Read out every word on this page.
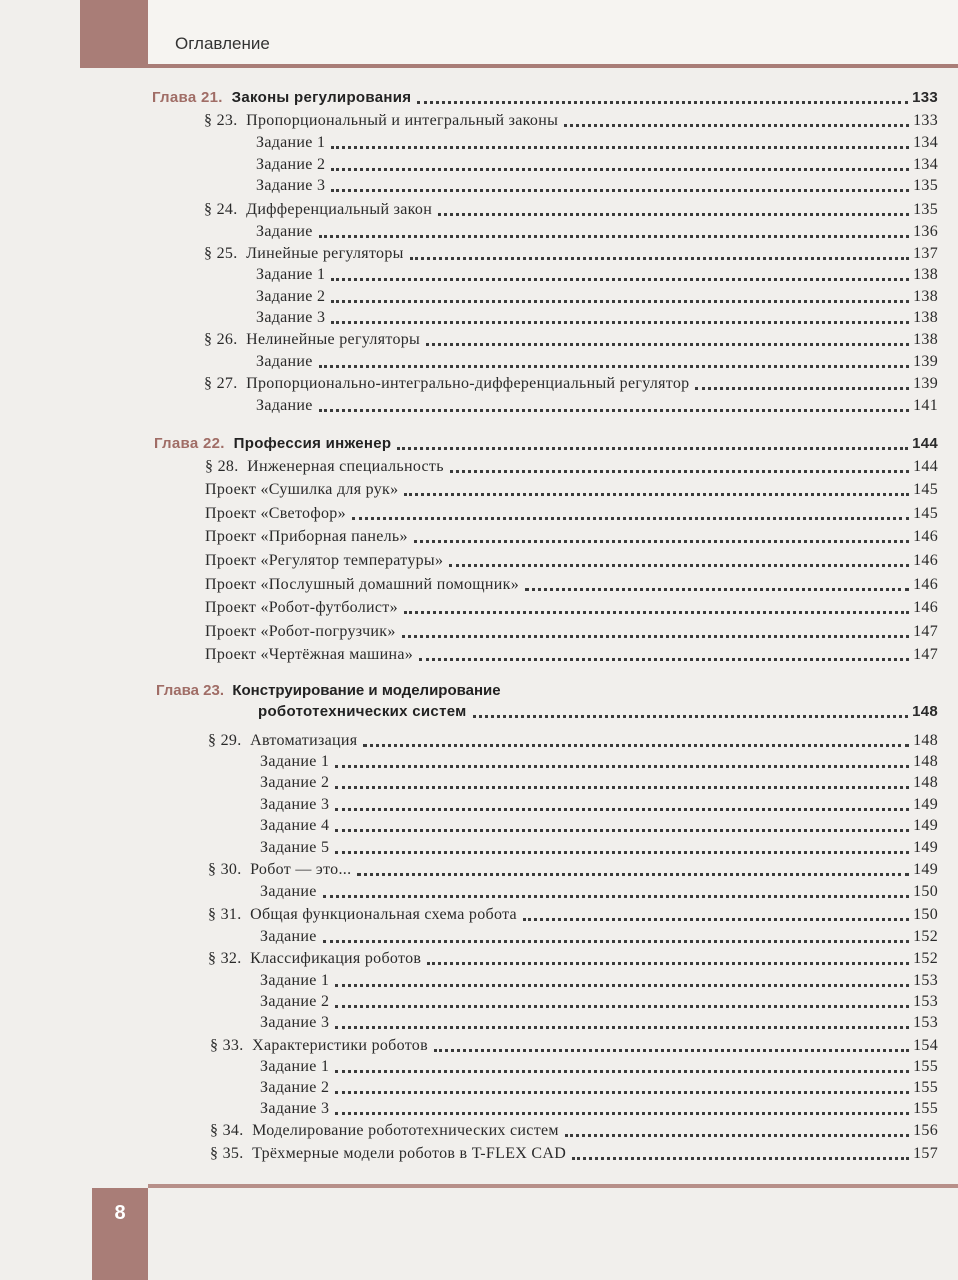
Оглавление
Глава 21. Законы регулирования	133
§ 23. Пропорциональный и интегральный законы	133
Задание 1	134
Задание 2	134
Задание 3	135
§ 24. Дифференциальный закон	135
Задание	136
§ 25. Линейные регуляторы	137
Задание 1	138
Задание 2	138
Задание 3	138
§ 26. Нелинейные регуляторы	138
Задание	139
§ 27. Пропорционально-интегрально-дифференциальный регулятор	139
Задание	141
Глава 22. Профессия инженер	144
§ 28. Инженерная специальность	144
Проект «Сушилка для рук»	145
Проект «Светофор»	145
Проект «Приборная панель»	146
Проект «Регулятор температуры»	146
Проект «Послушный домашний помощник»	146
Проект «Робот-футболист»	146
Проект «Робот-погрузчик»	147
Проект «Чертёжная машина»	147
Глава 23. Конструирование и моделирование
робототехнических систем	148
§ 29. Автоматизация	148
Задание 1	148
Задание 2	148
Задание 3	149
Задание 4	149
Задание 5	149
§ 30. Робот — это...	149
Задание	150
§ 31. Общая функциональная схема робота	150
Задание	152
§ 32. Классификация роботов	152
Задание 1	153
Задание 2	153
Задание 3	153
§ 33. Характеристики роботов	154
Задание 1	155
Задание 2	155
Задание 3	155
§ 34. Моделирование робототехнических систем	156
§ 35. Трёхмерные модели роботов в T-FLEX CAD	157
8
